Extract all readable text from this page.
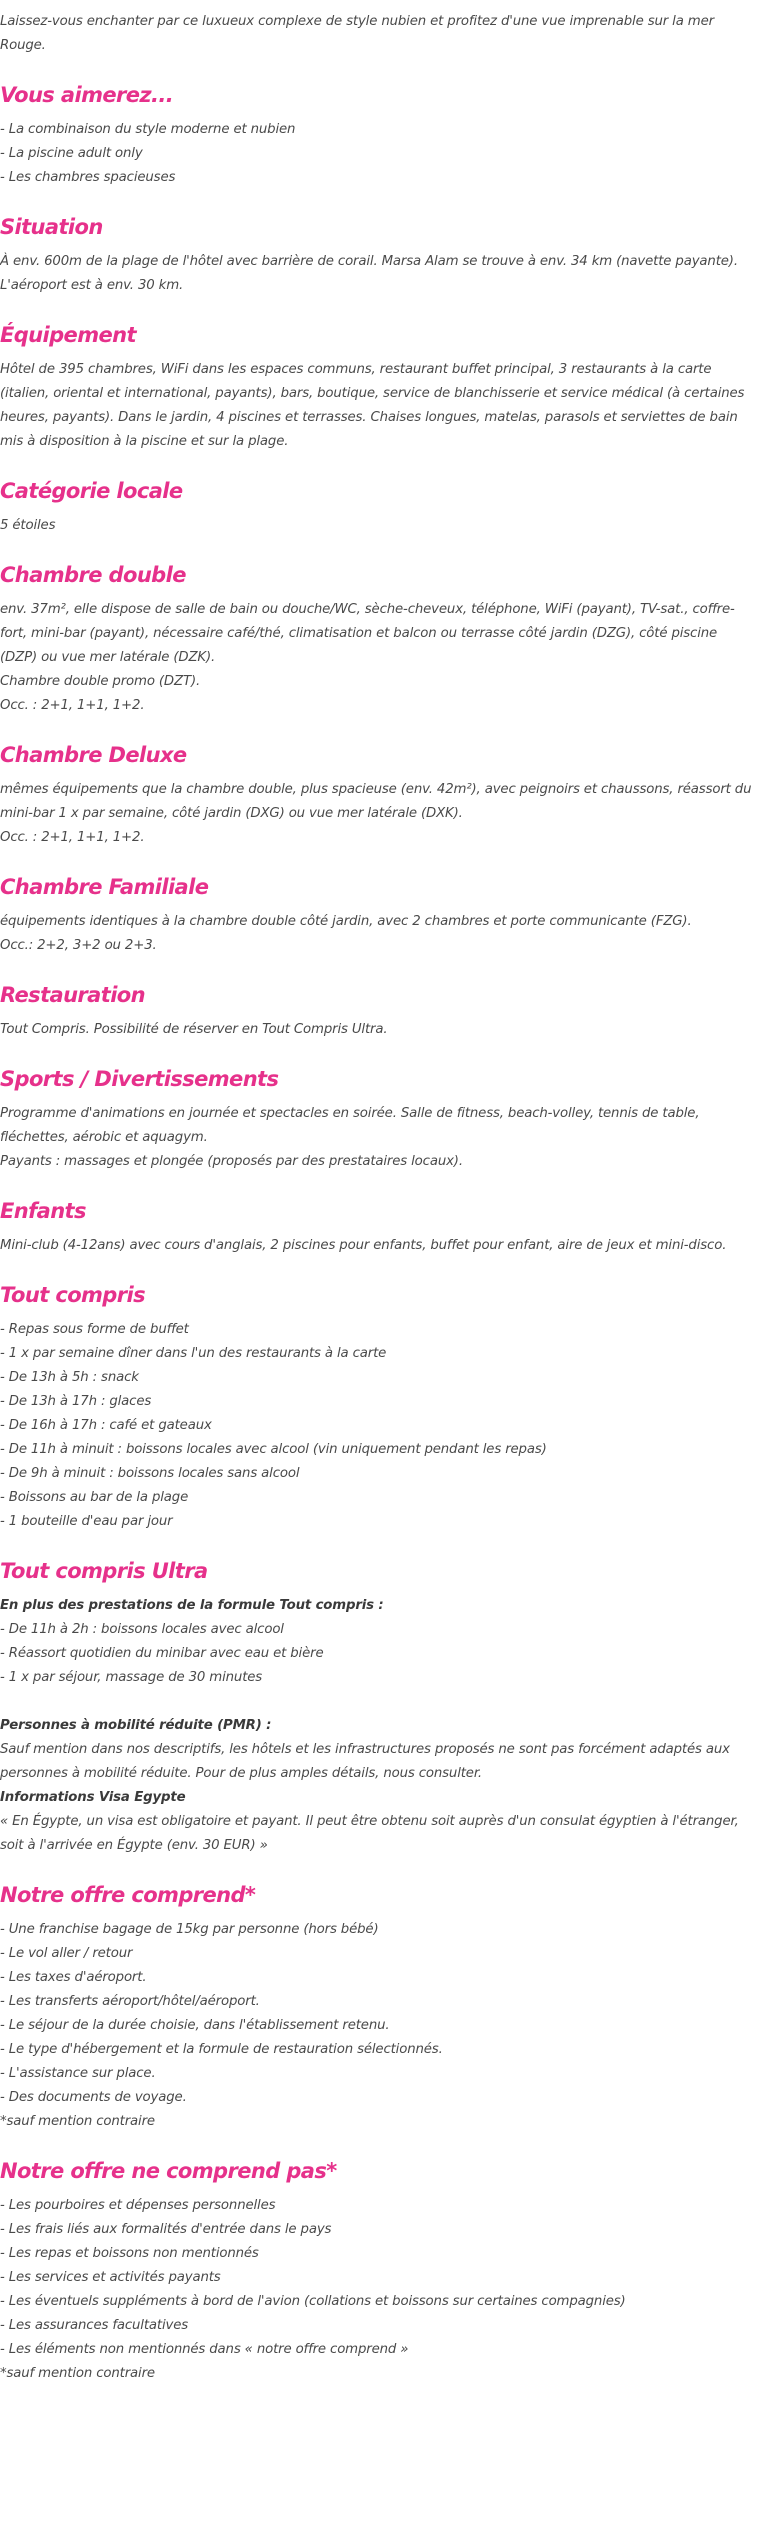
Laissez-vous enchanter par ce luxueux complexe de style nubien et profitez d'une vue imprenable sur la mer Rouge.
Vous aimerez...
- La combinaison du style moderne et nubien
- La piscine adult only
- Les chambres spacieuses
Situation
À env. 600m de la plage de l'hôtel avec barrière de corail. Marsa Alam se trouve à env. 34 km (navette payante). L'aéroport est à env. 30 km.
Équipement
Hôtel de 395 chambres, WiFi dans les espaces communs, restaurant buffet principal, 3 restaurants à la carte (italien, oriental et international, payants), bars, boutique, service de blanchisserie et service médical (à certaines heures, payants). Dans le jardin, 4 piscines et terrasses. Chaises longues, matelas, parasols et serviettes de bain mis à disposition à la piscine et sur la plage.
Catégorie locale
5 étoiles
Chambre double
env. 37m², elle dispose de salle de bain ou douche/WC, sèche-cheveux, téléphone, WiFi (payant), TV-sat., coffre-fort, mini-bar (payant), nécessaire café/thé, climatisation et balcon ou terrasse côté jardin (DZG), côté piscine (DZP) ou vue mer latérale (DZK).
Chambre double promo (DZT).
Occ. : 2+1, 1+1, 1+2.
Chambre Deluxe
mêmes équipements que la chambre double, plus spacieuse (env. 42m²), avec peignoirs et chaussons, réassort du mini-bar 1 x par semaine, côté jardin (DXG) ou vue mer latérale (DXK).
Occ. : 2+1, 1+1, 1+2.
Chambre Familiale
équipements identiques à la chambre double côté jardin, avec 2 chambres et porte communicante (FZG).
Occ.: 2+2, 3+2 ou 2+3.
Restauration
Tout Compris. Possibilité de réserver en Tout Compris Ultra.
Sports / Divertissements
Programme d'animations en journée et spectacles en soirée. Salle de fitness, beach-volley, tennis de table, fléchettes, aérobic et aquagym.
Payants : massages et plongée (proposés par des prestataires locaux).
Enfants
Mini-club (4-12ans) avec cours d'anglais, 2 piscines pour enfants, buffet pour enfant, aire de jeux et mini-disco.
Tout compris
- Repas sous forme de buffet
- 1 x par semaine dîner dans l'un des restaurants à la carte
- De 13h à 5h : snack
- De 13h à 17h : glaces
- De 16h à 17h : café et gateaux
- De 11h à minuit : boissons locales avec alcool (vin uniquement pendant les repas)
- De 9h à minuit : boissons locales sans alcool
- Boissons au bar de la plage
- 1 bouteille d'eau par jour
Tout compris Ultra
En plus des prestations de la formule Tout compris :
- De 11h à 2h : boissons locales avec alcool
- Réassort quotidien du minibar avec eau et bière
- 1 x par séjour, massage de 30 minutes
Personnes à mobilité réduite (PMR) :
Sauf mention dans nos descriptifs, les hôtels et les infrastructures proposés ne sont pas forcément adaptés aux personnes à mobilité réduite. Pour de plus amples détails, nous consulter.
Informations Visa Egypte
« En Égypte, un visa est obligatoire et payant. Il peut être obtenu soit auprès d'un consulat égyptien à l'étranger, soit à l'arrivée en Égypte (env. 30 EUR) »
Notre offre comprend*
- Une franchise bagage de 15kg par personne (hors bébé)
- Le vol aller / retour
- Les taxes d'aéroport.
- Les transferts aéroport/hôtel/aéroport.
- Le séjour de la durée choisie, dans l'établissement retenu.
- Le type d'hébergement et la formule de restauration sélectionnés.
- L'assistance sur place.
- Des documents de voyage.
*sauf mention contraire
Notre offre ne comprend pas*
- Les pourboires et dépenses personnelles
- Les frais liés aux formalités d'entrée dans le pays
- Les repas et boissons non mentionnés
- Les services et activités payants
- Les éventuels suppléments à bord de l'avion (collations et boissons sur certaines compagnies)
- Les assurances facultatives
- Les éléments non mentionnés dans « notre offre comprend »
*sauf mention contraire
